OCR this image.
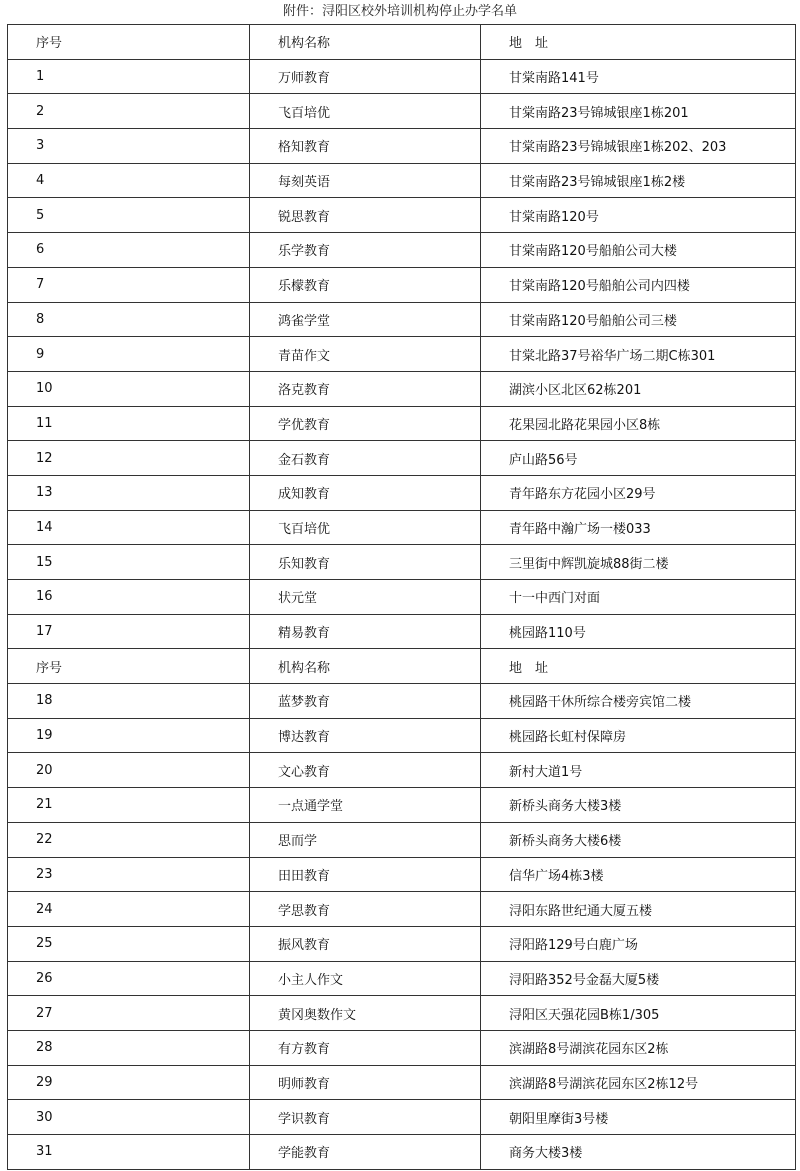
附件：浔阳区校外培训机构停止办学名单
序号	机构名称	地　址
1	万师教育	甘棠南路141号
2	飞百培优	甘棠南路23号锦城银座1栋201
3	格知教育	甘棠南路23号锦城银座1栋202、203
4	每刻英语	甘棠南路23号锦城银座1栋2楼
5	锐思教育	甘棠南路120号
6	乐学教育	甘棠南路120号船舶公司大楼
7	乐檬教育	甘棠南路120号船舶公司内四楼
8	鸿雀学堂	甘棠南路120号船舶公司三楼
9	青苗作文	甘棠北路37号裕华广场二期C栋301
10	洛克教育	湖滨小区北区62栋201
11	学优教育	花果园北路花果园小区8栋
12	金石教育	庐山路56号
13	成知教育	青年路东方花园小区29号
14	飞百培优	青年路中瀚广场一楼033
15	乐知教育	三里街中辉凯旋城88街二楼
16	状元堂	十一中西门对面
17	精易教育	桃园路110号
序号	机构名称	地　址
18	蓝梦教育	桃园路干休所综合楼旁宾馆二楼
19	博达教育	桃园路长虹村保障房
20	文心教育	新村大道1号
21	一点通学堂	新桥头商务大楼3楼
22	思而学	新桥头商务大楼6楼
23	田田教育	信华广场4栋3楼
24	学思教育	浔阳东路世纪通大厦五楼
25	振风教育	浔阳路129号白鹿广场
26	小主人作文	浔阳路352号金磊大厦5楼
27	黄冈奥数作文	浔阳区天强花园B栋1/305
28	有方教育	滨湖路8号湖滨花园东区2栋
29	明师教育	滨湖路8号湖滨花园东区2栋12号
30	学识教育	朝阳里摩街3号楼
31	学能教育	商务大楼3楼
